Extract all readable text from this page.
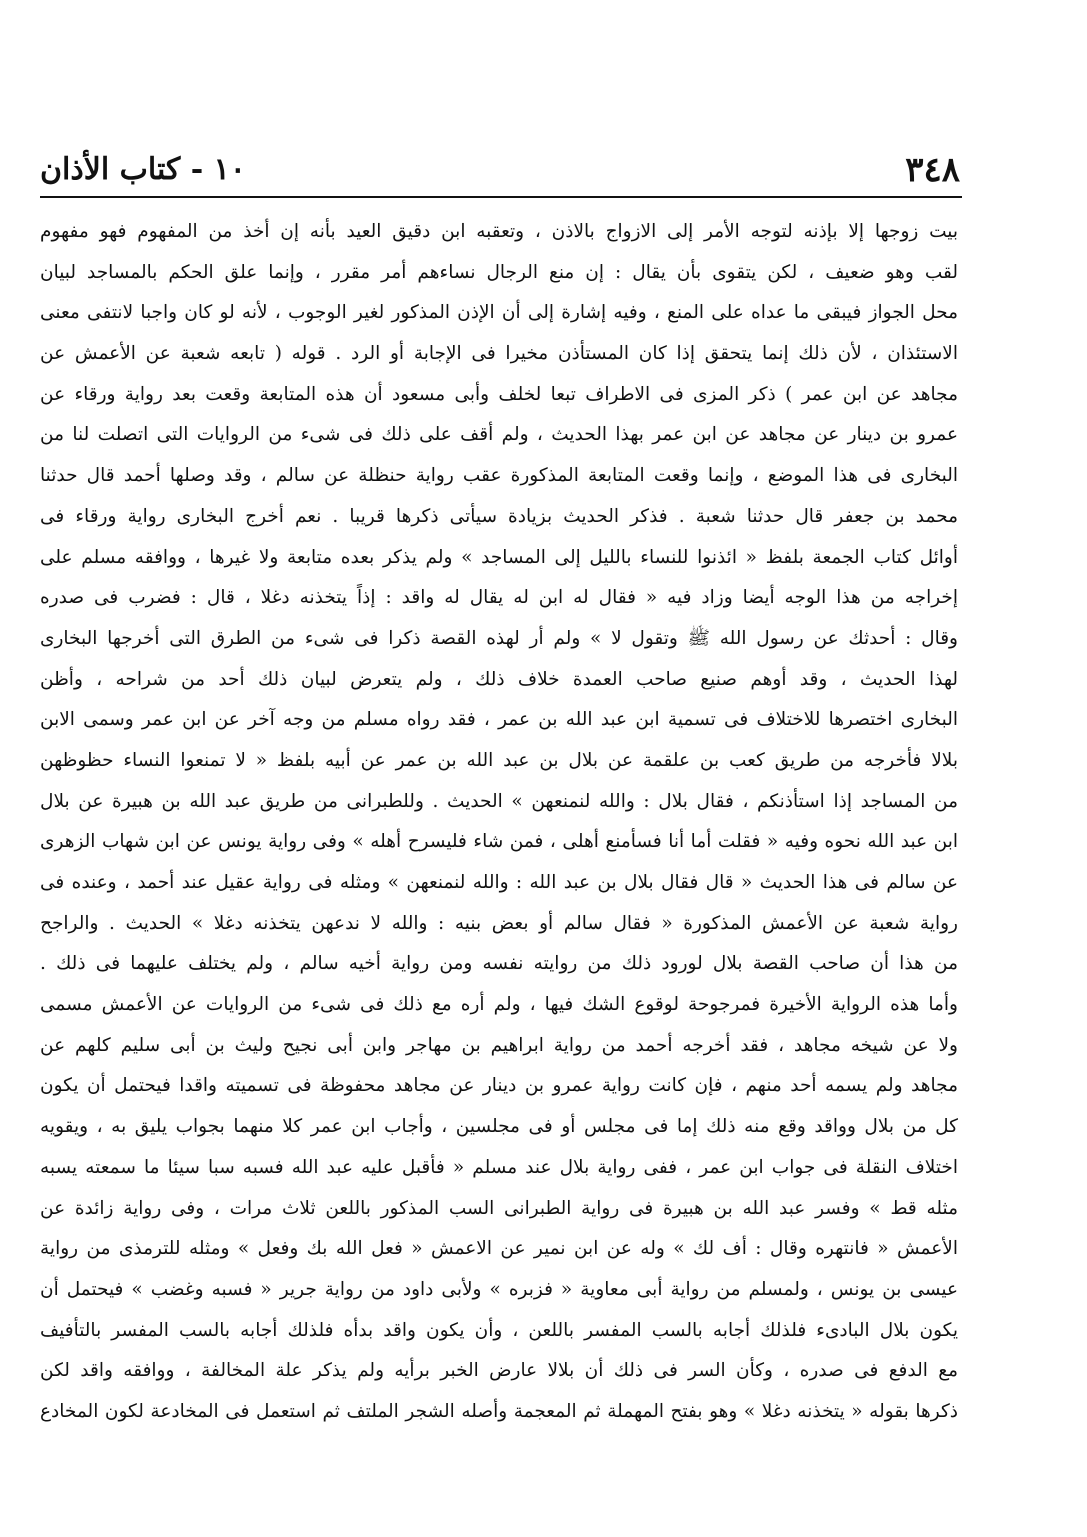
٣٤٨
١٠ - كتاب الأذان
بيت زوجها إلا بإذنه لتوجه الأمر إلى الازواج بالاذن ، وتعقبه ابن دقيق العيد بأنه إن أخذ من المفهوم فهو مفهوم
لقب وهو ضعيف ، لكن يتقوى بأن يقال : إن منع الرجال نساءهم أمر مقرر ، وإنما علق الحكم بالمساجد لبيان
محل الجواز فيبقى ما عداه على المنع ، وفيه إشارة إلى أن الإذن المذكور لغير الوجوب ، لأنه لو كان واجبا لانتفى معنى
الاستئذان ، لأن ذلك إنما يتحقق إذا كان المستأذن مخيرا فى الإجابة أو الرد . قوله ( تابعه شعبة عن الأعمش عن
مجاهد عن ابن عمر ) ذكر المزى فى الاطراف تبعا لخلف وأبى مسعود أن هذه المتابعة وقعت بعد رواية ورقاء عن
عمرو بن دينار عن مجاهد عن ابن عمر بهذا الحديث ، ولم أقف على ذلك فى شىء من الروايات التى اتصلت لنا من
البخارى فى هذا الموضع ، وإنما وقعت المتابعة المذكورة عقب رواية حنظلة عن سالم ، وقد وصلها أحمد قال حدثنا
محمد بن جعفر قال حدثنا شعبة . فذكر الحديث بزيادة سيأتى ذكرها قريبا . نعم أخرج البخارى رواية ورقاء فى
أوائل كتاب الجمعة بلفظ « ائذنوا للنساء بالليل إلى المساجد » ولم يذكر بعده متابعة ولا غيرها ، ووافقه مسلم على
إخراجه من هذا الوجه أيضا وزاد فيه « فقال له ابن له يقال له واقد : إذاً يتخذنه دغلا ، قال : فضرب فى صدره
وقال : أحدثك عن رسول الله ﷺ وتقول لا » ولم أر لهذه القصة ذكرا فى شىء من الطرق التى أخرجها البخارى
لهذا الحديث ، وقد أوهم صنيع صاحب العمدة خلاف ذلك ، ولم يتعرض لبيان ذلك أحد من شراحه ، وأظن
البخارى اختصرها للاختلاف فى تسمية ابن عبد الله بن عمر ، فقد رواه مسلم من وجه آخر عن ابن عمر وسمى الابن
بلالا فأخرجه من طريق كعب بن علقمة عن بلال بن عبد الله بن عمر عن أبيه بلفظ « لا تمنعوا النساء حظوظهن
من المساجد إذا استأذنكم ، فقال بلال : والله لنمنعهن » الحديث . وللطبرانى من طريق عبد الله بن هبيرة عن بلال
ابن عبد الله نحوه وفيه « فقلت أما أنا فسأمنع أهلى ، فمن شاء فليسرح أهله » وفى رواية يونس عن ابن شهاب الزهرى
عن سالم فى هذا الحديث « قال فقال بلال بن عبد الله : والله لنمنعهن » ومثله فى رواية عقيل عند أحمد ، وعنده فى
رواية شعبة عن الأعمش المذكورة « فقال سالم أو بعض بنيه : والله لا ندعهن يتخذنه دغلا » الحديث . والراجح
من هذا أن صاحب القصة بلال لورود ذلك من روايته نفسه ومن رواية أخيه سالم ، ولم يختلف عليهما فى ذلك .
وأما هذه الرواية الأخيرة فمرجوحة لوقوع الشك فيها ، ولم أره مع ذلك فى شىء من الروايات عن الأعمش مسمى
ولا عن شيخه مجاهد ، فقد أخرجه أحمد من رواية ابراهيم بن مهاجر وابن أبى نجيح وليث بن أبى سليم كلهم عن
مجاهد ولم يسمه أحد منهم ، فإن كانت رواية عمرو بن دينار عن مجاهد محفوظة فى تسميته واقدا فيحتمل أن يكون
كل من بلال وواقد وقع منه ذلك إما فى مجلس أو فى مجلسين ، وأجاب ابن عمر كلا منهما بجواب يليق به ، ويقويه
اختلاف النقلة فى جواب ابن عمر ، ففى رواية بلال عند مسلم « فأقبل عليه عبد الله فسبه سبا سيئا ما سمعته يسبه
مثله قط » وفسر عبد الله بن هبيرة فى رواية الطبرانى السب المذكور باللعن ثلاث مرات ، وفى رواية زائدة عن
الأعمش « فانتهره وقال : أف لك » وله عن ابن نمير عن الاعمش « فعل الله بك وفعل » ومثله للترمذى من رواية
عيسى بن يونس ، ولمسلم من رواية أبى معاوية « فزبره » ولأبى داود من رواية جرير « فسبه وغضب » فيحتمل أن
يكون بلال البادىء فلذلك أجابه بالسب المفسر باللعن ، وأن يكون واقد بدأه فلذلك أجابه بالسب المفسر بالتأفيف
مع الدفع فى صدره ، وكأن السر فى ذلك أن بلالا عارض الخبر برأيه ولم يذكر علة المخالفة ، ووافقه واقد لكن
ذكرها بقوله « يتخذنه دغلا » وهو بفتح المهملة ثم المعجمة وأصله الشجر الملتف ثم استعمل فى المخادعة لكون المخادع
